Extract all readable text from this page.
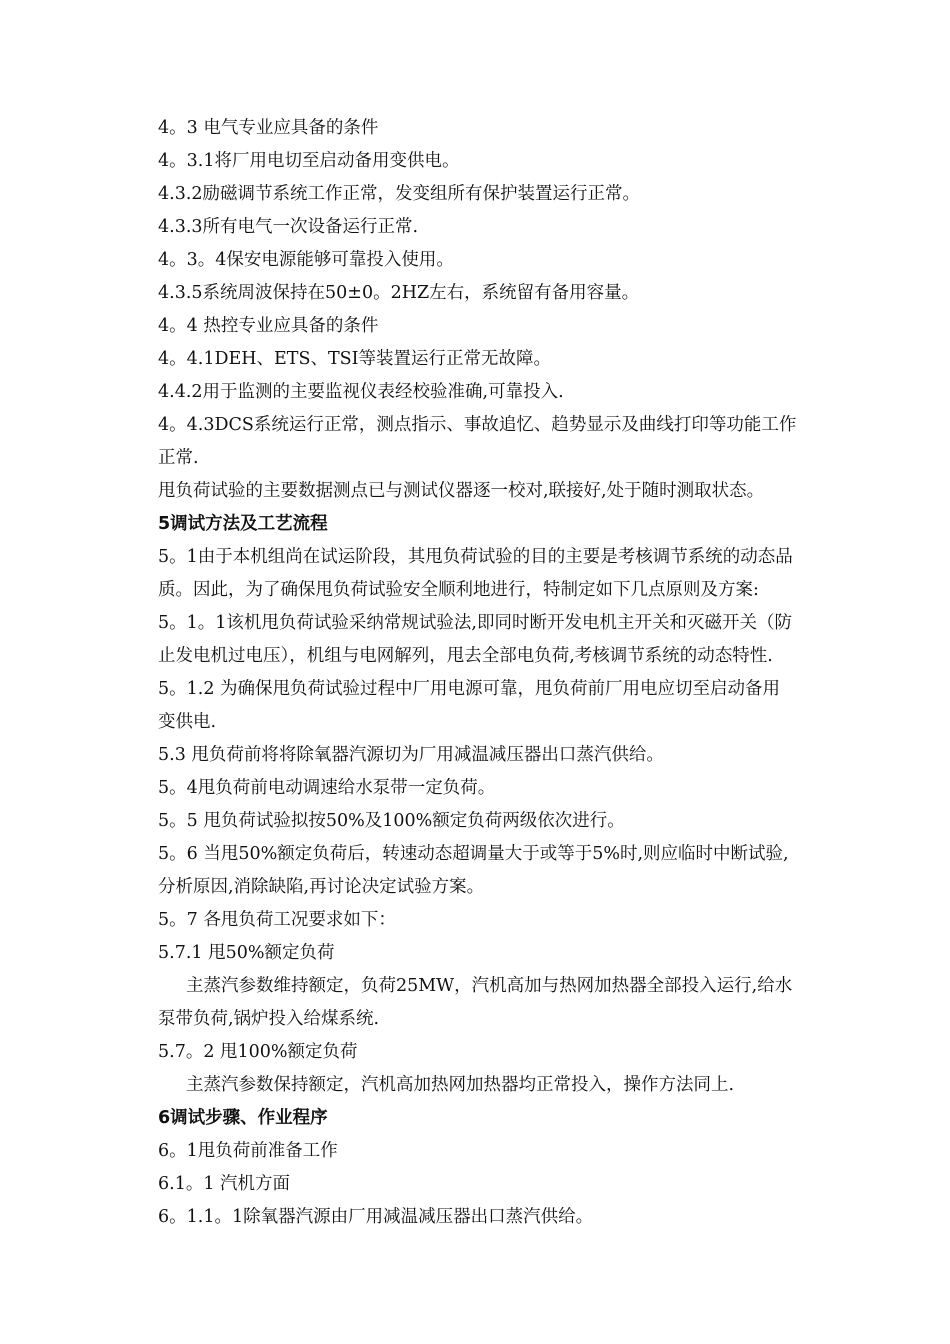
4。3 电气专业应具备的条件

4。3.1将厂用电切至启动备用变供电。

4.3.2励磁调节系统工作正常，发变组所有保护装置运行正常。

4.3.3所有电气一次设备运行正常.

4。3。4保安电源能够可靠投入使用。

4.3.5系统周波保持在50±0。2HZ左右，系统留有备用容量。

4。4 热控专业应具备的条件

4。4.1DEH、ETS、TSI等装置运行正常无故障。

4.4.2用于监测的主要监视仪表经校验准确,可靠投入.

4。4.3DCS系统运行正常，测点指示、事故追忆、趋势显示及曲线打印等功能工作

正常.

甩负荷试验的主要数据测点已与测试仪器逐一校对,联接好,处于随时测取状态。

5调试方法及工艺流程

5。1由于本机组尚在试运阶段，其甩负荷试验的目的主要是考核调节系统的动态品

质。因此，为了确保甩负荷试验安全顺利地进行，特制定如下几点原则及方案:

5。1。1该机甩负荷试验采纳常规试验法,即同时断开发电机主开关和灭磁开关（防

止发电机过电压），机组与电网解列，甩去全部电负荷,考核调节系统的动态特性.

5。1.2 为确保甩负荷试验过程中厂用电源可靠，甩负荷前厂用电应切至启动备用

变供电.

5.3 甩负荷前将将除氧器汽源切为厂用减温减压器出口蒸汽供给。

5。4甩负荷前电动调速给水泵带一定负荷。

5。5 甩负荷试验拟按50%及100%额定负荷两级依次进行。

5。6 当甩50%额定负荷后，转速动态超调量大于或等于5%时,则应临时中断试验,

分析原因,消除缺陷,再讨论决定试验方案。

5。7 各甩负荷工况要求如下：

5.7.1 甩50%额定负荷

主蒸汽参数维持额定，负荷25MW，汽机高加与热网加热器全部投入运行,给水

泵带负荷,锅炉投入给煤系统.

5.7。2 甩100%额定负荷

主蒸汽参数保持额定，汽机高加热网加热器均正常投入，操作方法同上.

6调试步骤、作业程序

6。1甩负荷前准备工作

6.1。1 汽机方面

6。1.1。1除氧器汽源由厂用减温减压器出口蒸汽供给。
